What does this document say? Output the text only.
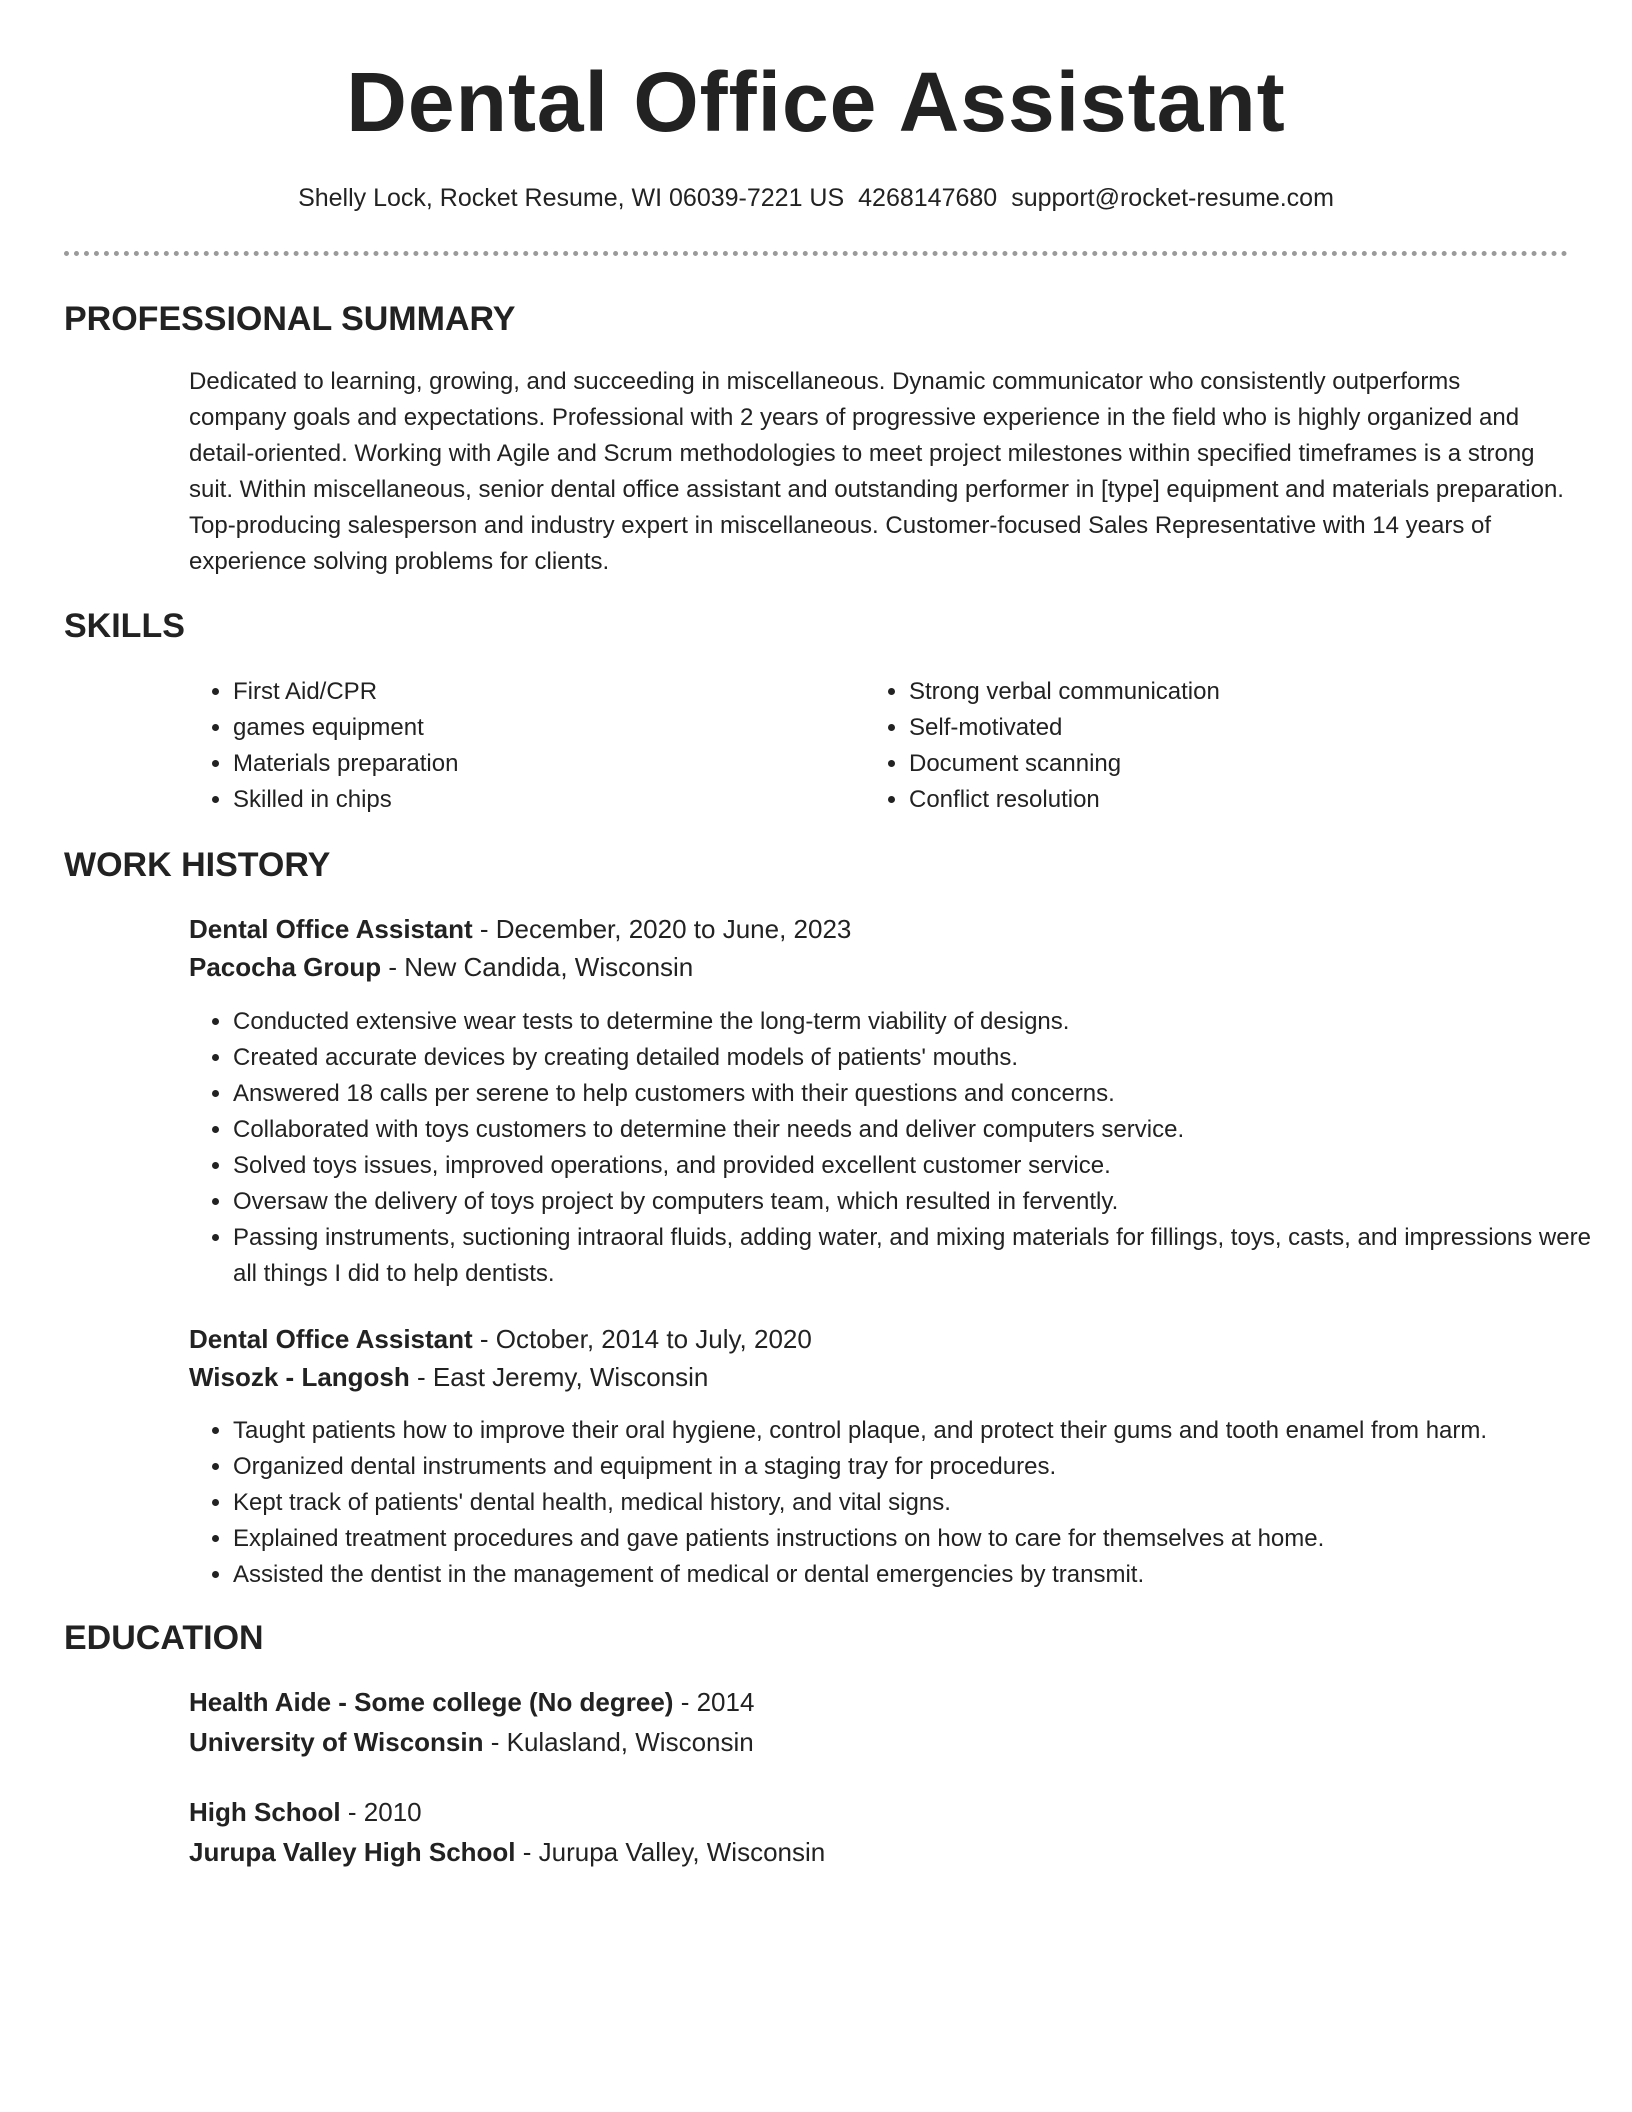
Dental Office Assistant
Shelly Lock, Rocket Resume, WI 06039-7221 US 4268147680 support@rocket-resume.com
PROFESSIONAL SUMMARY

Dedicated to learning, growing, and succeeding in miscellaneous. Dynamic communicator who consistently outperforms company goals and expectations. Professional with 2 years of progressive experience in the field who is highly organized and detail-oriented. Working with Agile and Scrum methodologies to meet project milestones within specified timeframes is a strong suit. Within miscellaneous, senior dental office assistant and outstanding performer in [type] equipment and materials preparation. Top-producing salesperson and industry expert in miscellaneous. Customer-focused Sales Representative with 14 years of experience solving problems for clients.

SKILLS
• First Aid/CPR
• games equipment
• Materials preparation
• Skilled in chips
• Strong verbal communication
• Self-motivated
• Document scanning
• Conflict resolution
WORK HISTORY
Dental Office Assistant - December, 2020 to June, 2023
Pacocha Group - New Candida, Wisconsin
• Conducted extensive wear tests to determine the long-term viability of designs.
• Created accurate devices by creating detailed models of patients' mouths.
• Answered 18 calls per serene to help customers with their questions and concerns.
• Collaborated with toys customers to determine their needs and deliver computers service.
• Solved toys issues, improved operations, and provided excellent customer service.
• Oversaw the delivery of toys project by computers team, which resulted in fervently.
• Passing instruments, suctioning intraoral fluids, adding water, and mixing materials for fillings, toys, casts, and impressions were all things I did to help dentists.
Dental Office Assistant - October, 2014 to July, 2020
Wisozk - Langosh - East Jeremy, Wisconsin
• Taught patients how to improve their oral hygiene, control plaque, and protect their gums and tooth enamel from harm.
• Organized dental instruments and equipment in a staging tray for procedures.
• Kept track of patients' dental health, medical history, and vital signs.
• Explained treatment procedures and gave patients instructions on how to care for themselves at home.
• Assisted the dentist in the management of medical or dental emergencies by transmit.
EDUCATION
Health Aide - Some college (No degree) - 2014
University of Wisconsin - Kulasland, Wisconsin
High School - 2010
Jurupa Valley High School - Jurupa Valley, Wisconsin
